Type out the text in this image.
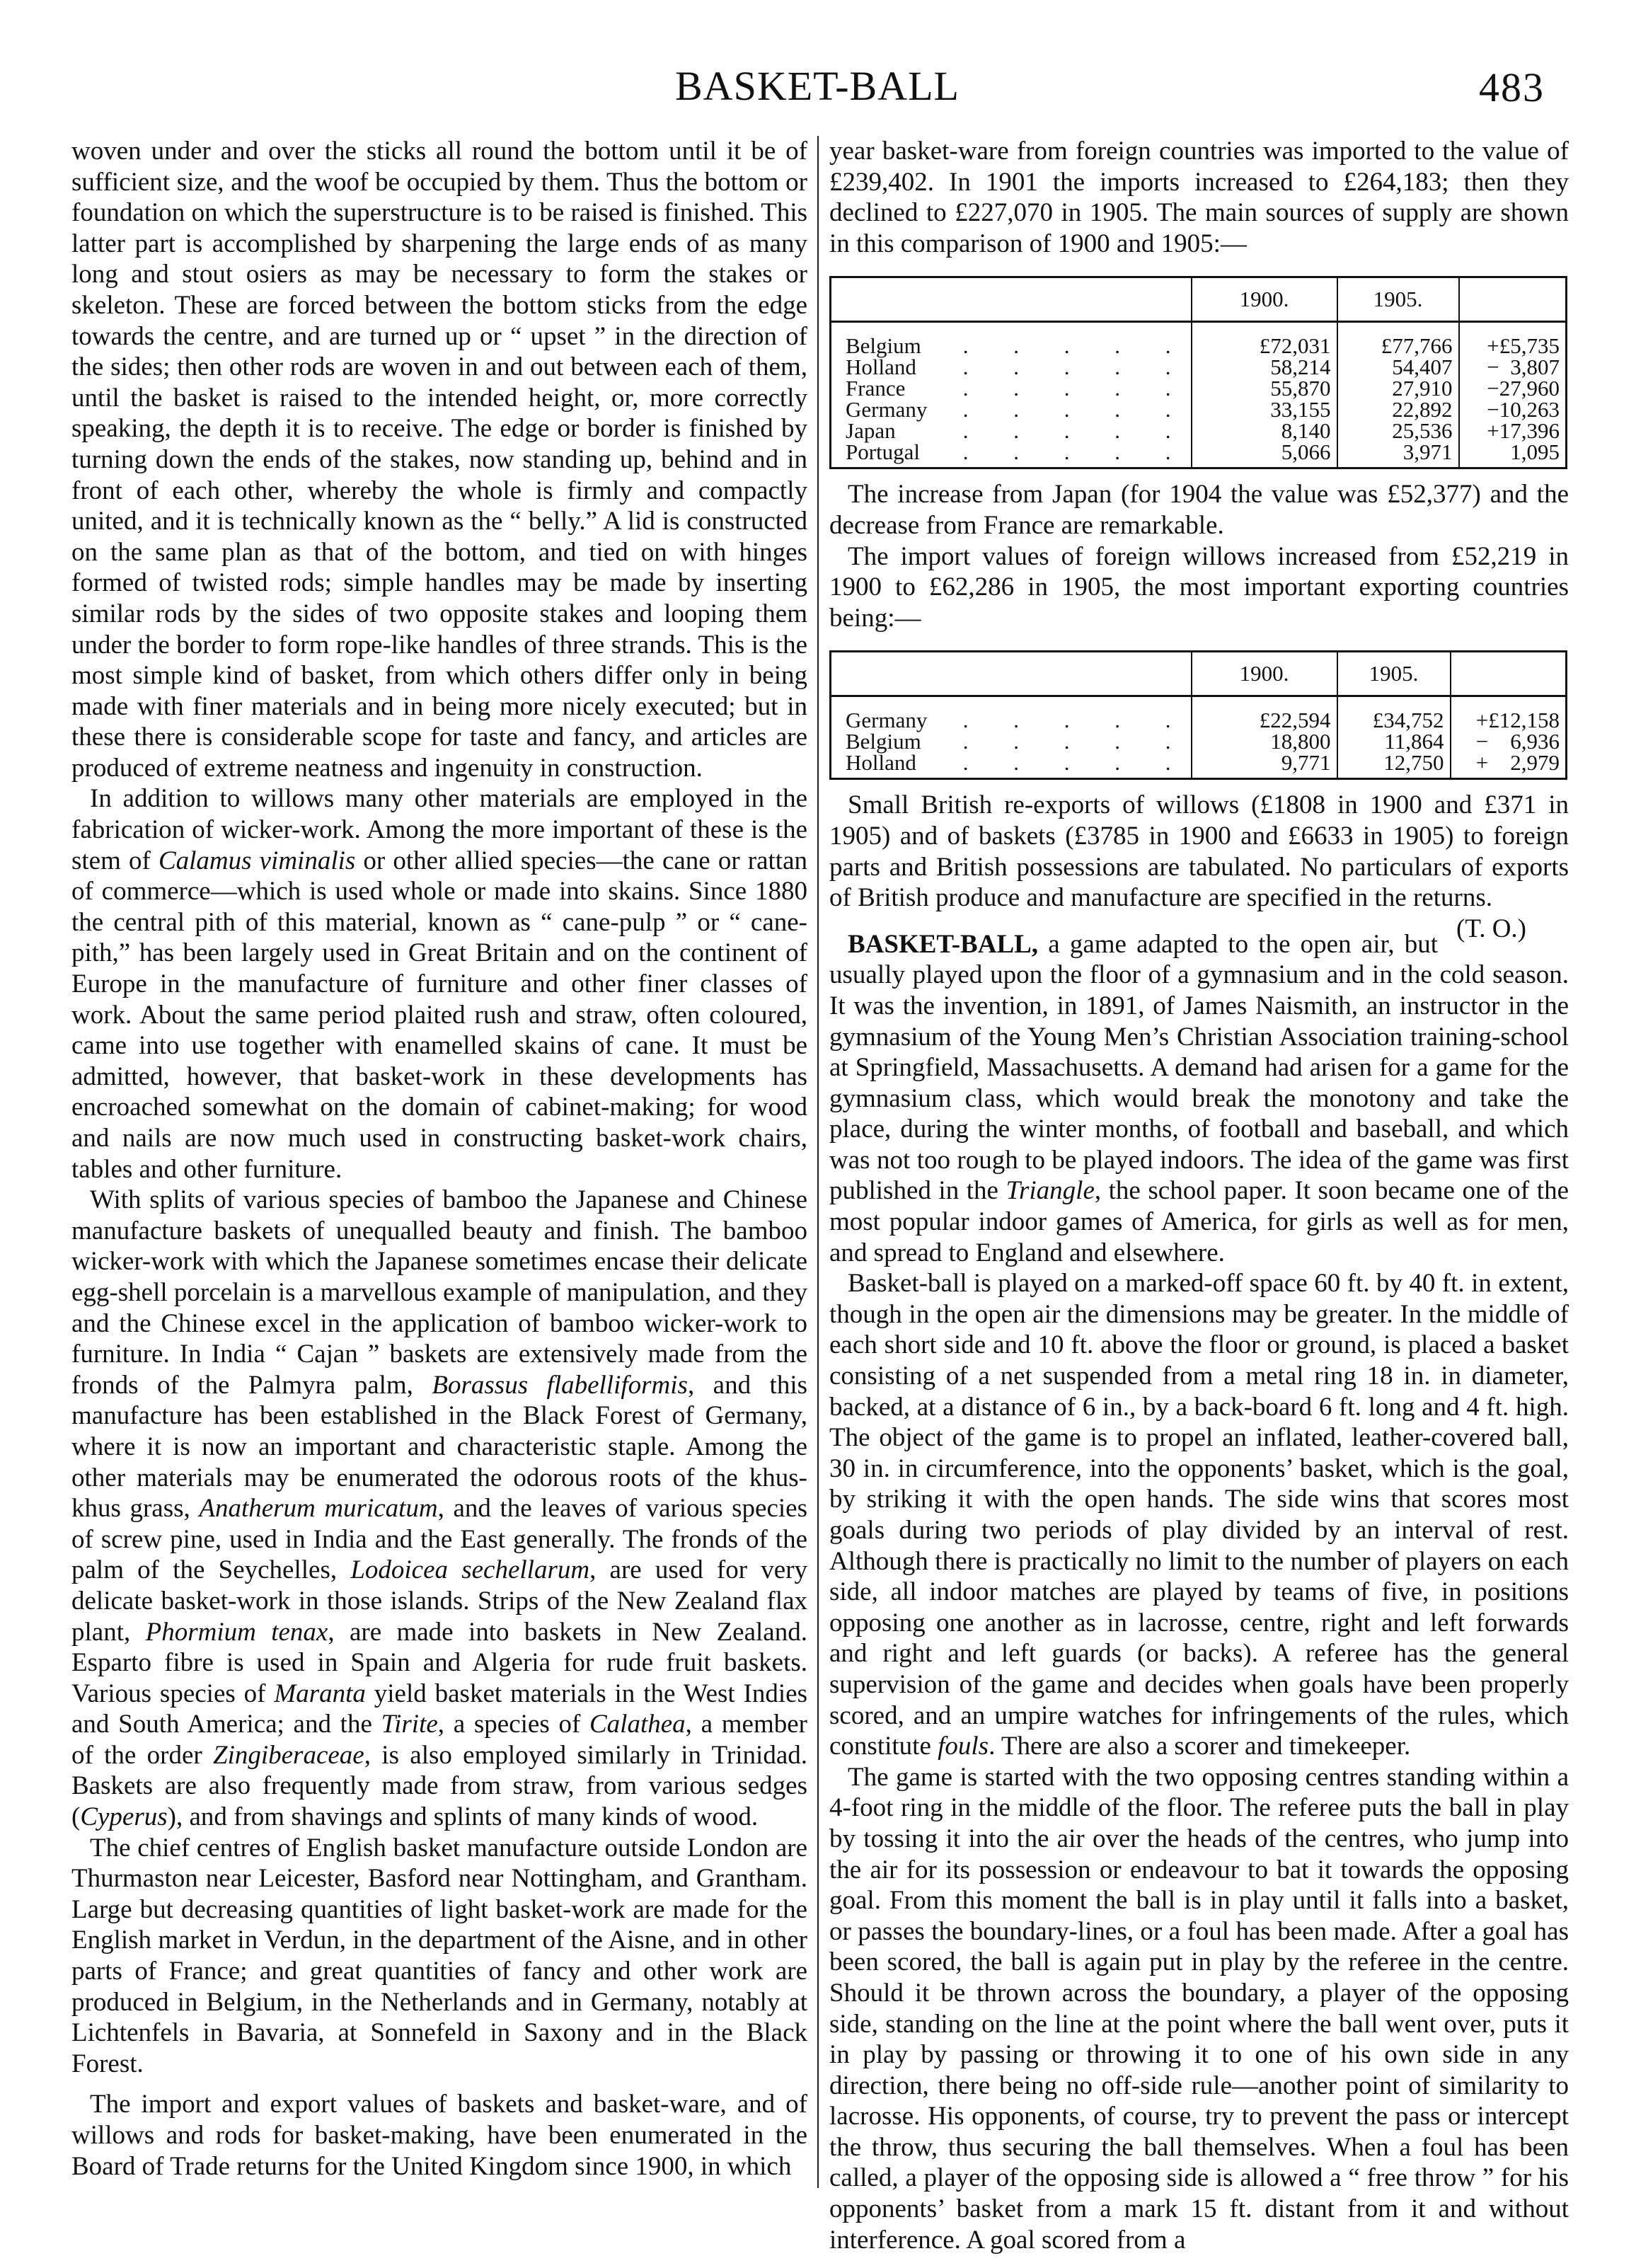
BASKET-BALL	483

woven under and over the sticks all round the bottom until it be of sufficient size, and the woof be occupied by them. Thus the bottom or foundation on which the superstructure is to be raised is finished. This latter part is accomplished by sharpening the large ends of as many long and stout osiers as may be necessary to form the stakes or skeleton. These are forced between the bottom sticks from the edge towards the centre, and are turned up or “ upset ” in the direction of the sides; then other rods are woven in and out between each of them, until the basket is raised to the intended height, or, more correctly speaking, the depth it is to receive. The edge or border is finished by turning down the ends of the stakes, now standing up, behind and in front of each other, whereby the whole is firmly and compactly united, and it is technically known as the “ belly.” A lid is constructed on the same plan as that of the bottom, and tied on with hinges formed of twisted rods; simple handles may be made by inserting similar rods by the sides of two opposite stakes and looping them under the border to form rope-like handles of three strands. This is the most simple kind of basket, from which others differ only in being made with finer materials and in being more nicely executed; but in these there is considerable scope for taste and fancy, and articles are produced of extreme neatness and ingenuity in construction.

In addition to willows many other materials are employed in the fabrication of wicker-work. Among the more important of these is the stem of Calamus viminalis or other allied species—the cane or rattan of commerce—which is used whole or made into skains. Since 1880 the central pith of this material, known as “ cane-pulp ” or “ cane-pith,” has been largely used in Great Britain and on the continent of Europe in the manufacture of furniture and other finer classes of work. About the same period plaited rush and straw, often coloured, came into use together with enamelled skains of cane. It must be admitted, however, that basket-work in these developments has encroached somewhat on the domain of cabinet-making; for wood and nails are now much used in constructing basket-work chairs, tables and other furniture.

With splits of various species of bamboo the Japanese and Chinese manufacture baskets of unequalled beauty and finish. The bamboo wicker-work with which the Japanese sometimes encase their delicate egg-shell porcelain is a marvellous example of manipulation, and they and the Chinese excel in the application of bamboo wicker-work to furniture. In India “ Cajan ” baskets are extensively made from the fronds of the Palmyra palm, Borassus flabelliformis, and this manufacture has been established in the Black Forest of Germany, where it is now an important and characteristic staple. Among the other materials may be enumerated the odorous roots of the khus-khus grass, Anatherum muricatum, and the leaves of various species of screw pine, used in India and the East generally. The fronds of the palm of the Seychelles, Lodoicea sechellarum, are used for very delicate basket-work in those islands. Strips of the New Zealand flax plant, Phormium tenax, are made into baskets in New Zealand. Esparto fibre is used in Spain and Algeria for rude fruit baskets. Various species of Maranta yield basket materials in the West Indies and South America; and the Tirite, a species of Calathea, a member of the order Zingiberaceae, is also employed similarly in Trinidad. Baskets are also frequently made from straw, from various sedges (Cyperus), and from shavings and splints of many kinds of wood.

The chief centres of English basket manufacture outside London are Thurmaston near Leicester, Basford near Nottingham, and Grantham. Large but decreasing quantities of light basket-work are made for the English market in Verdun, in the department of the Aisne, and in other parts of France; and great quantities of fancy and other work are produced in Belgium, in the Netherlands and in Germany, notably at Lichtenfels in Bavaria, at Sonnefeld in Saxony and in the Black Forest.

The import and export values of baskets and basket-ware, and of willows and rods for basket-making, have been enumerated in the Board of Trade returns for the United Kingdom since 1900, in which

year basket-ware from foreign countries was imported to the value of £239,402. In 1901 the imports increased to £264,183; then they declined to £227,070 in 1905. The main sources of supply are shown in this comparison of 1900 and 1905:—

	1900.	1905.	
Belgium . . . . .	£72,031	£77,766	+£5,735
Holland . . . . .	58,214	54,407	−  3,807
France . . . . .	55,870	27,910	−27,960
Germany . . . . .	33,155	22,892	−10,263
Japan . . . . .	8,140	25,536	+17,396
Portugal . . . . .	5,066	3,971	1,095

The increase from Japan (for 1904 the value was £52,377) and the decrease from France are remarkable.

The import values of foreign willows increased from £52,219 in 1900 to £62,286 in 1905, the most important exporting countries being:—

	1900.	1905.	
Germany . . . . .	£22,594	£34,752	+£12,158
Belgium . . . . .	18,800	11,864	−    6,936
Holland . . . . .	9,771	12,750	+    2,979

Small British re-exports of willows (£1808 in 1900 and £371 in 1905) and of baskets (£3785 in 1900 and £6633 in 1905) to foreign parts and British possessions are tabulated. No particulars of exports of British produce and manufacture are specified in the returns.
(T. O.)

BASKET-BALL, a game adapted to the open air, but usually played upon the floor of a gymnasium and in the cold season. It was the invention, in 1891, of James Naismith, an instructor in the gymnasium of the Young Men’s Christian Association training-school at Springfield, Massachusetts. A demand had arisen for a game for the gymnasium class, which would break the monotony and take the place, during the winter months, of football and baseball, and which was not too rough to be played indoors. The idea of the game was first published in the Triangle, the school paper. It soon became one of the most popular indoor games of America, for girls as well as for men, and spread to England and elsewhere.

Basket-ball is played on a marked-off space 60 ft. by 40 ft. in extent, though in the open air the dimensions may be greater. In the middle of each short side and 10 ft. above the floor or ground, is placed a basket consisting of a net suspended from a metal ring 18 in. in diameter, backed, at a distance of 6 in., by a back-board 6 ft. long and 4 ft. high. The object of the game is to propel an inflated, leather-covered ball, 30 in. in circumference, into the opponents’ basket, which is the goal, by striking it with the open hands. The side wins that scores most goals during two periods of play divided by an interval of rest. Although there is practically no limit to the number of players on each side, all indoor matches are played by teams of five, in positions opposing one another as in lacrosse, centre, right and left forwards and right and left guards (or backs). A referee has the general supervision of the game and decides when goals have been properly scored, and an umpire watches for infringements of the rules, which constitute fouls. There are also a scorer and timekeeper.

The game is started with the two opposing centres standing within a 4-foot ring in the middle of the floor. The referee puts the ball in play by tossing it into the air over the heads of the centres, who jump into the air for its possession or endeavour to bat it towards the opposing goal. From this moment the ball is in play until it falls into a basket, or passes the boundary-lines, or a foul has been made. After a goal has been scored, the ball is again put in play by the referee in the centre. Should it be thrown across the boundary, a player of the opposing side, standing on the line at the point where the ball went over, puts it in play by passing or throwing it to one of his own side in any direction, there being no off-side rule—another point of similarity to lacrosse. His opponents, of course, try to prevent the pass or intercept the throw, thus securing the ball themselves. When a foul has been called, a player of the opposing side is allowed a “ free throw ” for his opponents’ basket from a mark 15 ft. distant from it and without interference. A goal scored from a
